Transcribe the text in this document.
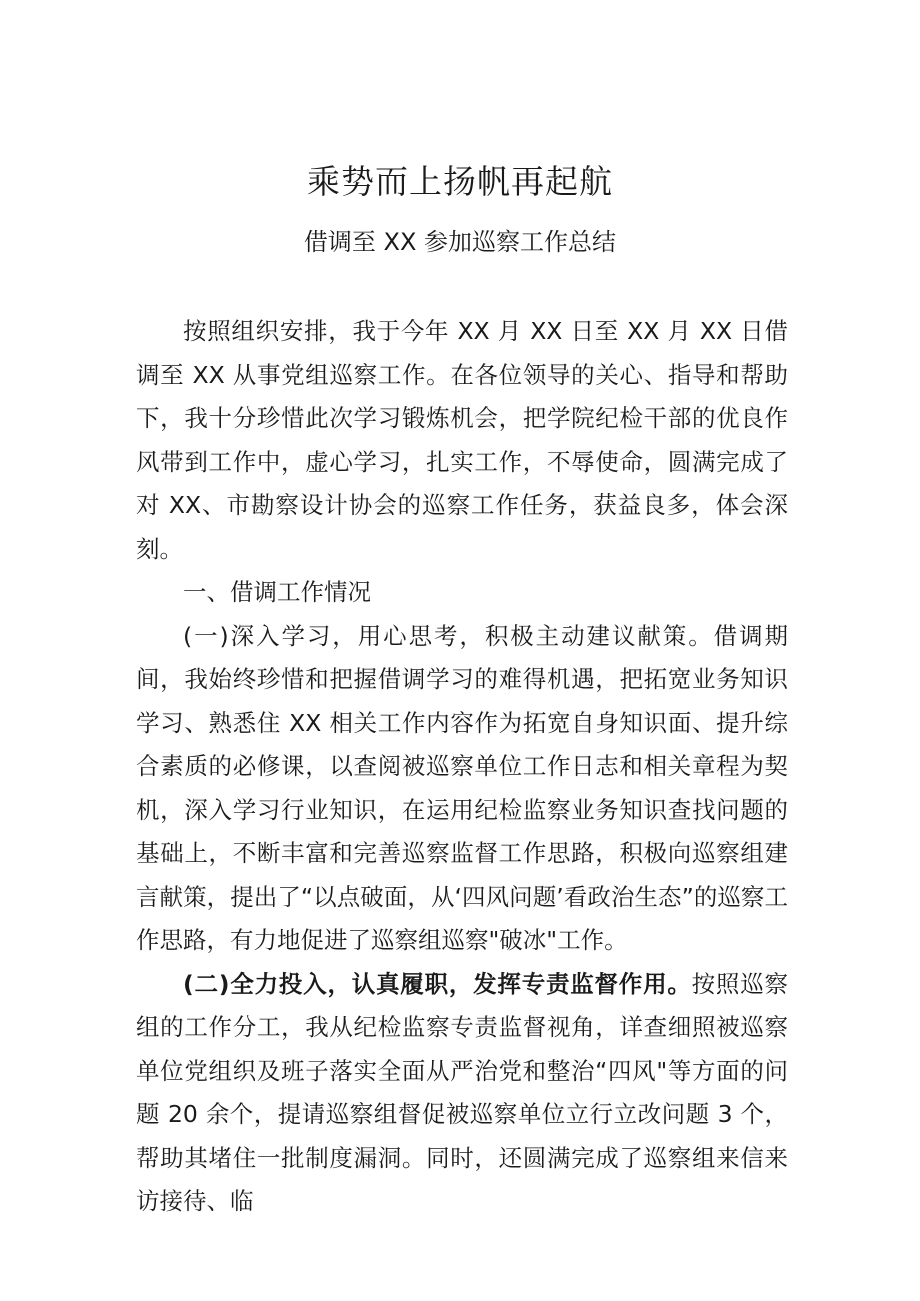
乘势而上扬帆再起航
借调至 XX 参加巡察工作总结

按照组织安排，我于今年 XX 月 XX 日至 XX 月 XX 日借调至 XX 从事党组巡察工作。在各位领导的关心、指导和帮助下，我十分珍惜此次学习锻炼机会，把学院纪检干部的优良作风带到工作中，虚心学习，扎实工作，不辱使命，圆满完成了对 XX、市勘察设计协会的巡察工作任务，获益良多，体会深刻。

一、借调工作情况

(一)深入学习，用心思考，积极主动建议献策。借调期间，我始终珍惜和把握借调学习的难得机遇，把拓宽业务知识学习、熟悉住 XX 相关工作内容作为拓宽自身知识面、提升综合素质的必修课，以查阅被巡察单位工作日志和相关章程为契机，深入学习行业知识，在运用纪检监察业务知识查找问题的基础上，不断丰富和完善巡察监督工作思路，积极向巡察组建言献策，提出了“以点破面，从‘四风问题’看政治生态”的巡察工作思路，有力地促进了巡察组巡察"破冰"工作。

(二)全力投入，认真履职，发挥专责监督作用。按照巡察组的工作分工，我从纪检监察专责监督视角，详查细照被巡察单位党组织及班子落实全面从严治党和整治“四风"等方面的问题 20 余个，提请巡察组督促被巡察单位立行立改问题 3 个，帮助其堵住一批制度漏洞。同时，还圆满完成了巡察组来信来访接待、临
